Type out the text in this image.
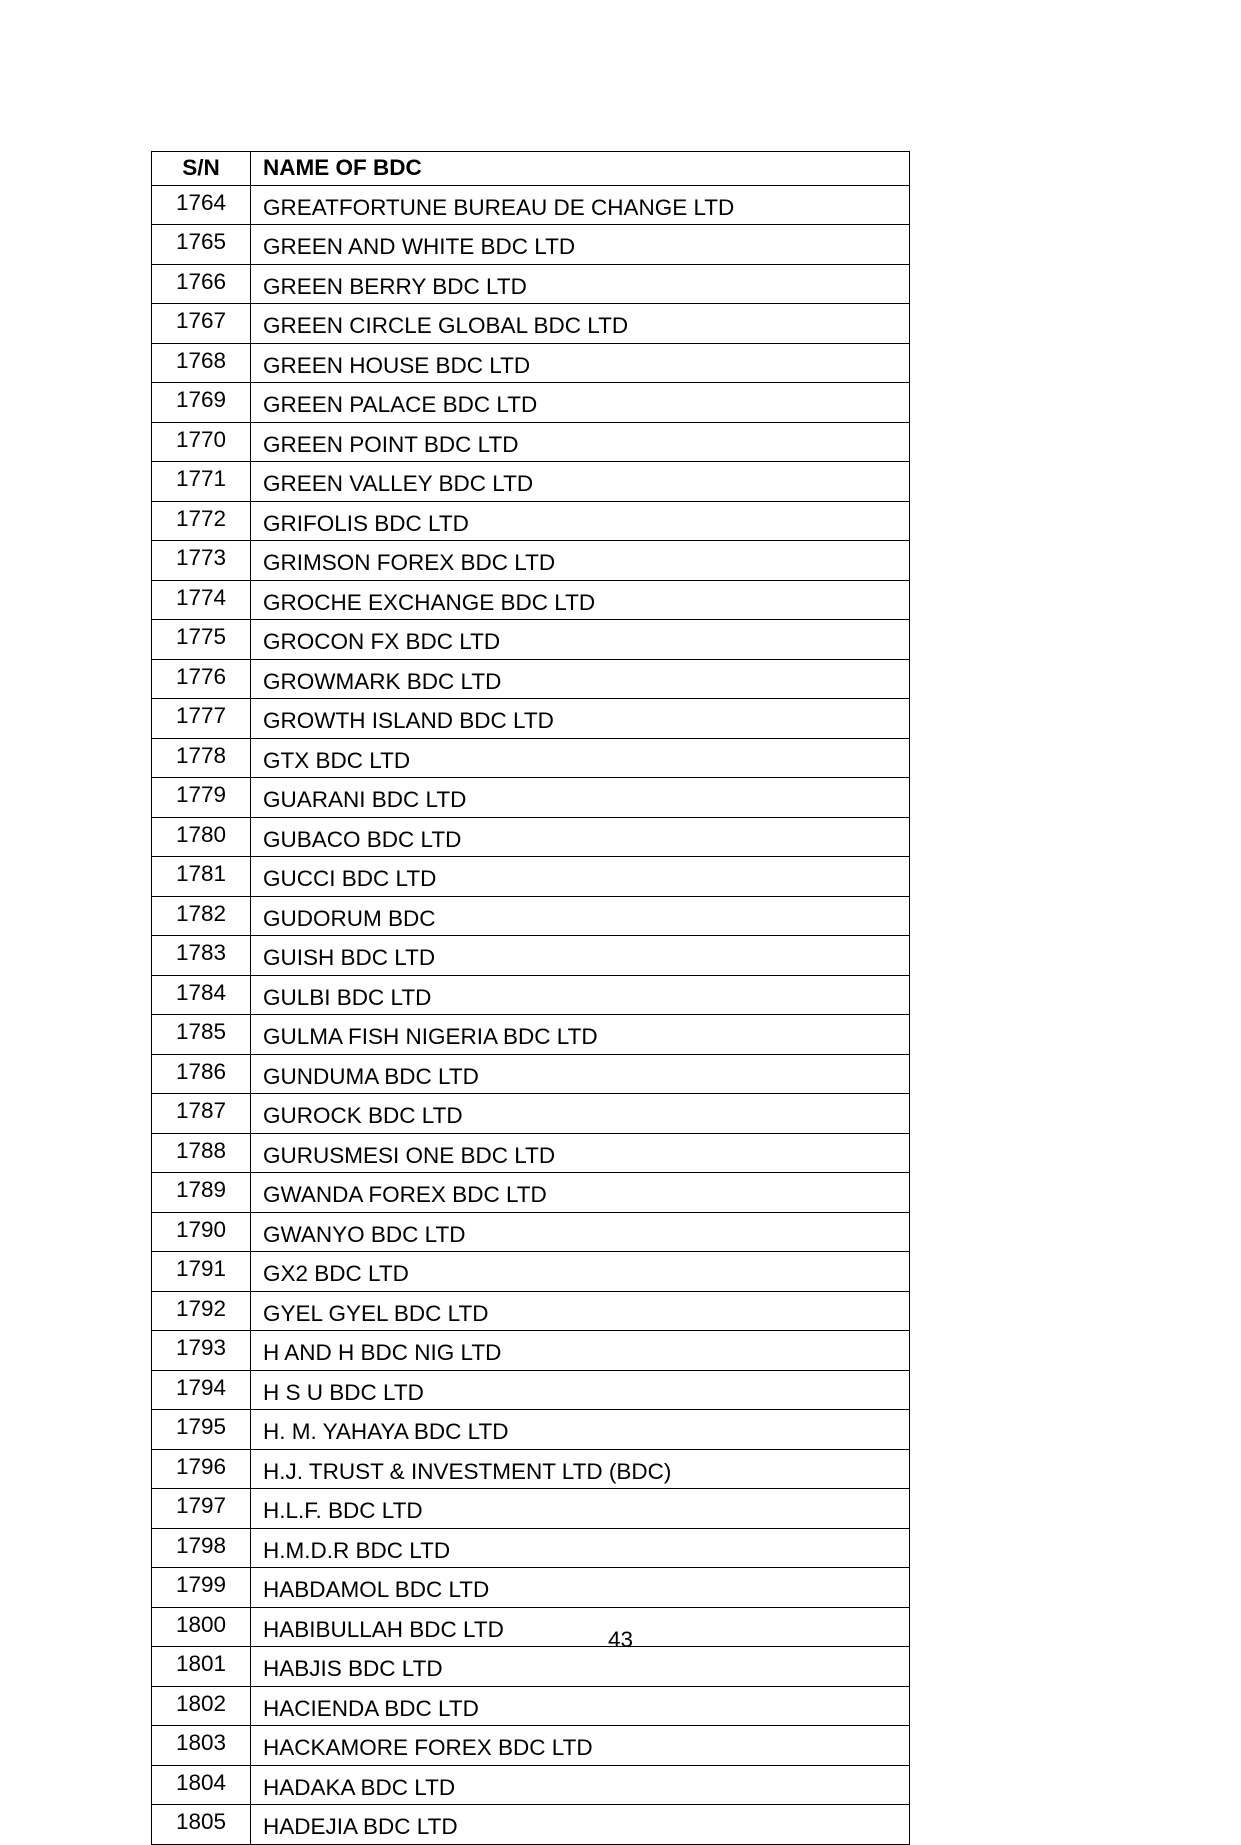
S/N	NAME OF BDC
1764	GREATFORTUNE BUREAU DE CHANGE LTD
1765	GREEN AND WHITE BDC LTD
1766	GREEN BERRY BDC LTD
1767	GREEN CIRCLE GLOBAL BDC LTD
1768	GREEN HOUSE BDC LTD
1769	GREEN PALACE BDC LTD
1770	GREEN POINT BDC LTD
1771	GREEN VALLEY BDC LTD
1772	GRIFOLIS BDC LTD
1773	GRIMSON FOREX BDC LTD
1774	GROCHE EXCHANGE BDC LTD
1775	GROCON FX BDC LTD
1776	GROWMARK BDC LTD
1777	GROWTH ISLAND BDC LTD
1778	GTX BDC LTD
1779	GUARANI BDC LTD
1780	GUBACO BDC LTD
1781	GUCCI BDC LTD
1782	GUDORUM BDC
1783	GUISH BDC LTD
1784	GULBI BDC LTD
1785	GULMA FISH NIGERIA BDC LTD
1786	GUNDUMA BDC LTD
1787	GUROCK BDC LTD
1788	GURUSMESI ONE BDC LTD
1789	GWANDA FOREX BDC LTD
1790	GWANYO BDC LTD
1791	GX2 BDC LTD
1792	GYEL GYEL BDC LTD
1793	H AND H BDC NIG LTD
1794	H S U BDC LTD
1795	H. M. YAHAYA BDC LTD
1796	H.J. TRUST & INVESTMENT LTD (BDC)
1797	H.L.F. BDC LTD
1798	H.M.D.R BDC LTD
1799	HABDAMOL BDC LTD
1800	HABIBULLAH BDC LTD
1801	HABJIS BDC LTD
1802	HACIENDA BDC LTD
1803	HACKAMORE FOREX BDC LTD
1804	HADAKA BDC LTD
1805	HADEJIA BDC LTD
43
